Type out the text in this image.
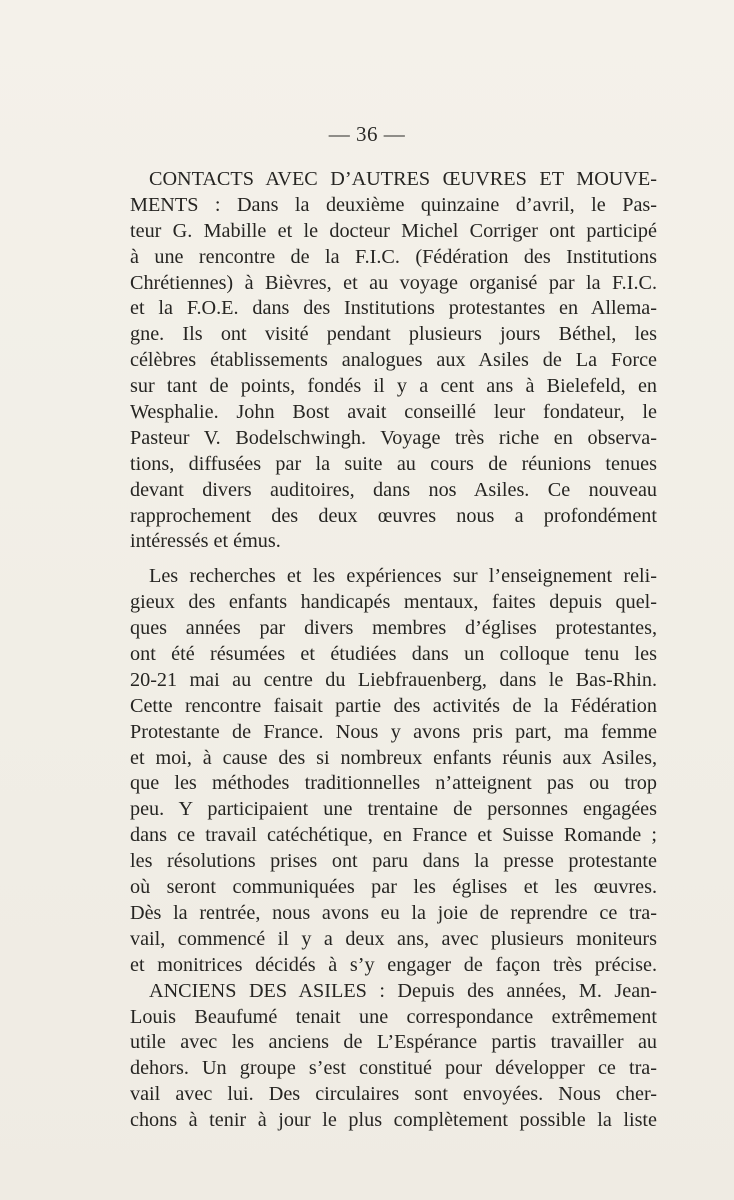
— 36 —
CONTACTS AVEC D’AUTRES ŒUVRES ET MOUVE-
MENTS : Dans la deuxième quinzaine d’avril, le Pas-
teur G. Mabille et le docteur Michel Corriger ont participé
à une rencontre de la F.I.C. (Fédération des Institutions
Chrétiennes) à Bièvres, et au voyage organisé par la F.I.C.
et la F.O.E. dans des Institutions protestantes en Allema-
gne. Ils ont visité pendant plusieurs jours Béthel, les
célèbres établissements analogues aux Asiles de La Force
sur tant de points, fondés il y a cent ans à Bielefeld, en
Wesphalie. John Bost avait conseillé leur fondateur, le
Pasteur V. Bodelschwingh. Voyage très riche en observa-
tions, diffusées par la suite au cours de réunions tenues
devant divers auditoires, dans nos Asiles. Ce nouveau
rapprochement des deux œuvres nous a profondément
intéressés et émus.
Les recherches et les expériences sur l’enseignement reli-
gieux des enfants handicapés mentaux, faites depuis quel-
ques années par divers membres d’églises protestantes,
ont été résumées et étudiées dans un colloque tenu les
20-21 mai au centre du Liebfrauenberg, dans le Bas-Rhin.
Cette rencontre faisait partie des activités de la Fédération
Protestante de France. Nous y avons pris part, ma femme
et moi, à cause des si nombreux enfants réunis aux Asiles,
que les méthodes traditionnelles n’atteignent pas ou trop
peu. Y participaient une trentaine de personnes engagées
dans ce travail catéchétique, en France et Suisse Romande ;
les résolutions prises ont paru dans la presse protestante
où seront communiquées par les églises et les œuvres.
Dès la rentrée, nous avons eu la joie de reprendre ce tra-
vail, commencé il y a deux ans, avec plusieurs moniteurs
et monitrices décidés à s’y engager de façon très précise.
ANCIENS DES ASILES : Depuis des années, M. Jean-
Louis Beaufumé tenait une correspondance extrêmement
utile avec les anciens de L’Espérance partis travailler au
dehors. Un groupe s’est constitué pour développer ce tra-
vail avec lui. Des circulaires sont envoyées. Nous cher-
chons à tenir à jour le plus complètement possible la liste
